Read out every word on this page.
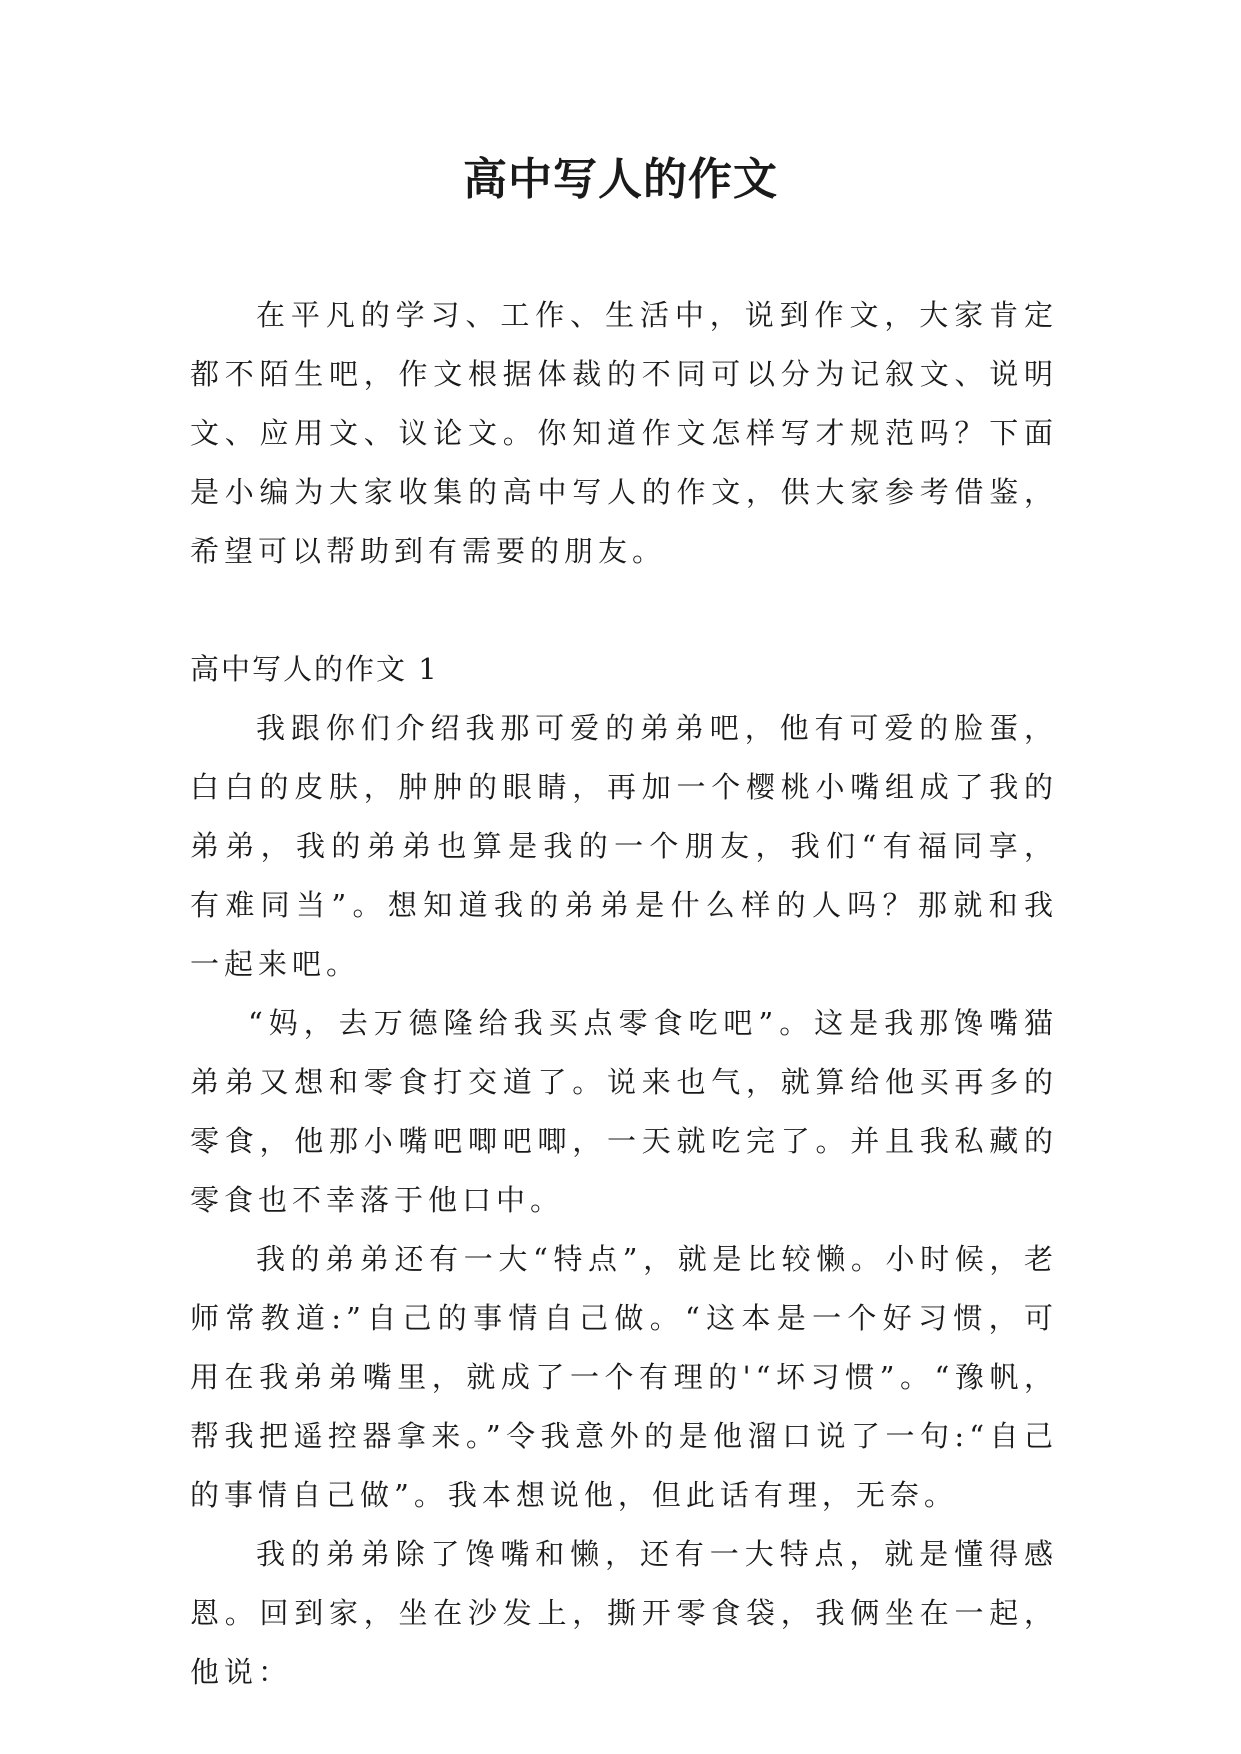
高中写人的作文

在平凡的学习、工作、生活中，说到作文，大家肯定都不陌生吧，作文根据体裁的不同可以分为记叙文、说明文、应用文、议论文。你知道作文怎样写才规范吗？下面是小编为大家收集的高中写人的作文，供大家参考借鉴，希望可以帮助到有需要的朋友。

高中写人的作文 1

我跟你们介绍我那可爱的弟弟吧，他有可爱的脸蛋，白白的皮肤，肿肿的眼睛，再加一个樱桃小嘴组成了我的弟弟，我的弟弟也算是我的一个朋友，我们“有福同享，有难同当”。想知道我的弟弟是什么样的人吗？那就和我一起来吧。

“妈，去万德隆给我买点零食吃吧”。这是我那馋嘴猫弟弟又想和零食打交道了。说来也气，就算给他买再多的零食，他那小嘴吧唧吧唧，一天就吃完了。并且我私藏的零食也不幸落于他口中。

我的弟弟还有一大“特点”，就是比较懒。小时候，老师常教道:”自己的事情自己做。“这本是一个好习惯，可用在我弟弟嘴里，就成了一个有理的'“坏习惯”。“豫帆，帮我把遥控器拿来。”令我意外的是他溜口说了一句:“自己的事情自己做”。我本想说他，但此话有理，无奈。

我的弟弟除了馋嘴和懒，还有一大特点，就是懂得感恩。回到家，坐在沙发上，撕开零食袋，我俩坐在一起，他说：
